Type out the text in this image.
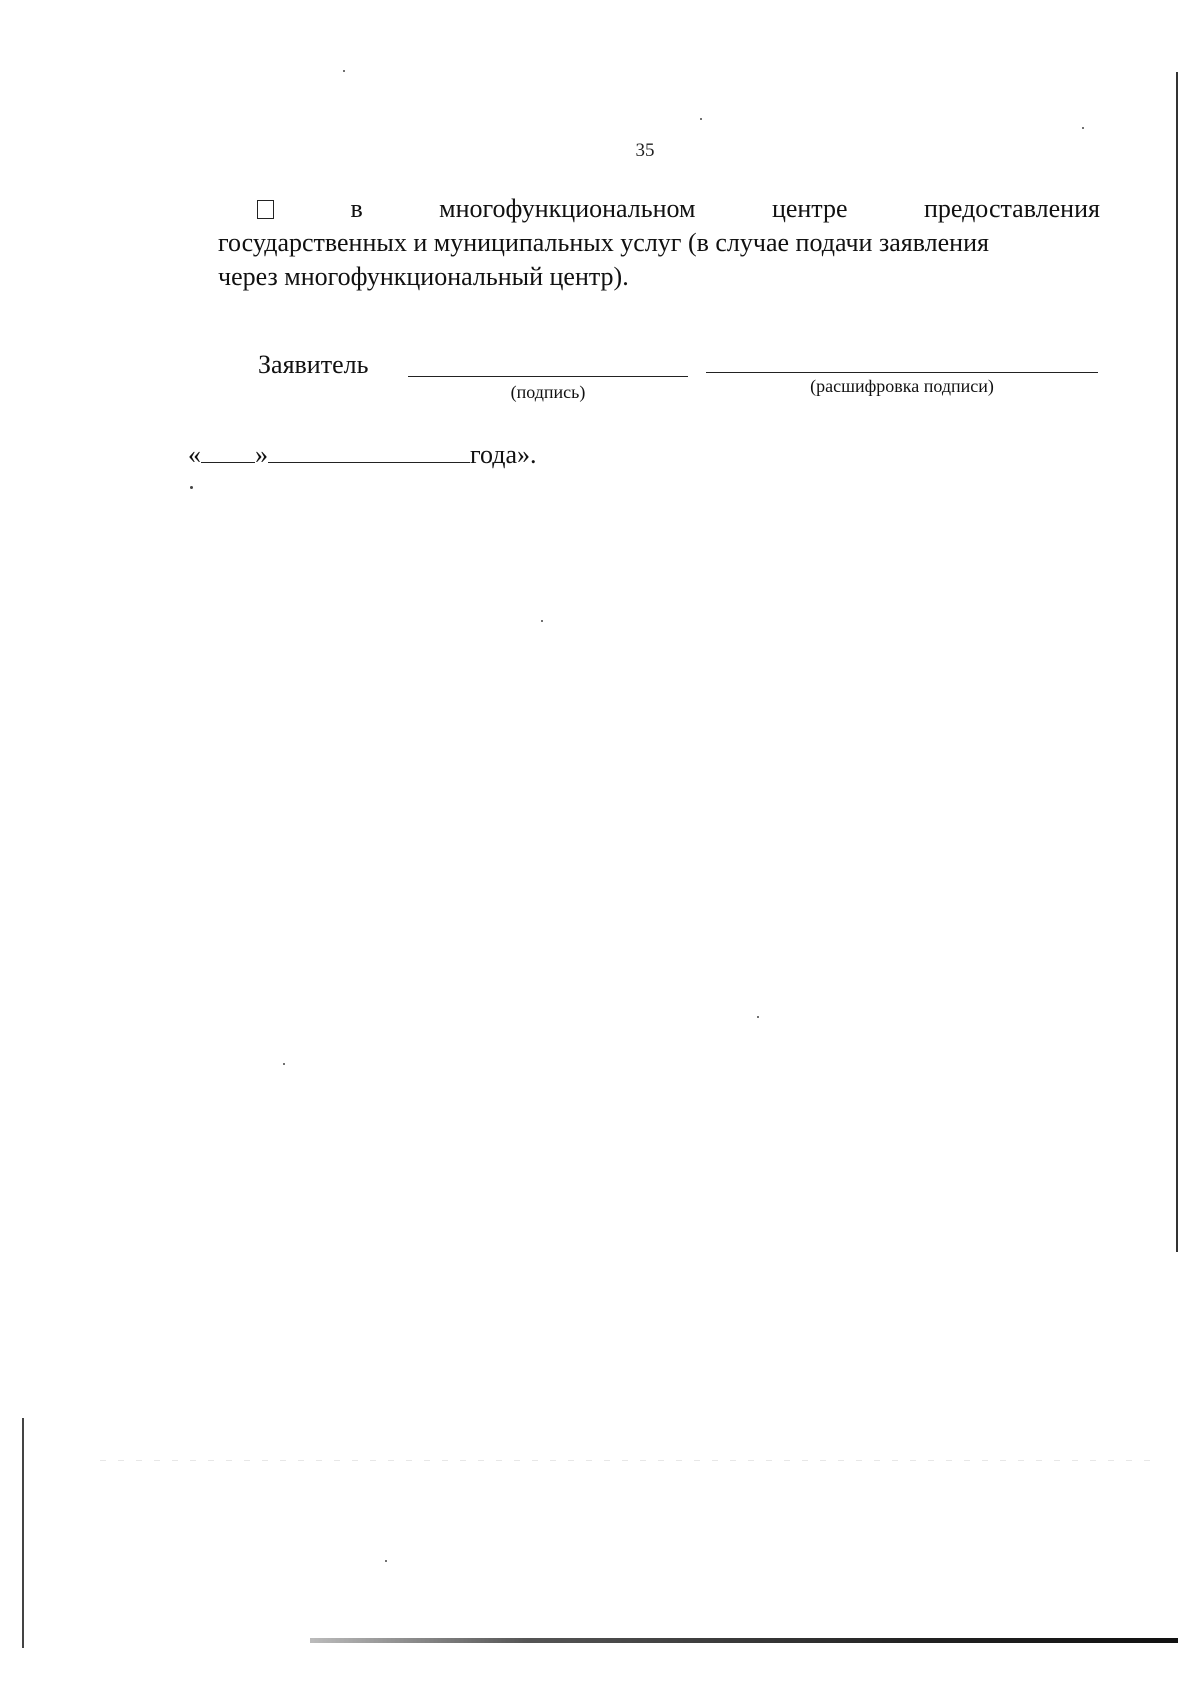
35
в	многофункциональном	центре	предоставления
государственных и муниципальных услуг (в случае подачи заявления
через многофункциональный центр).
Заявитель
(подпись)	(расшифровка подписи)
« »	года».
